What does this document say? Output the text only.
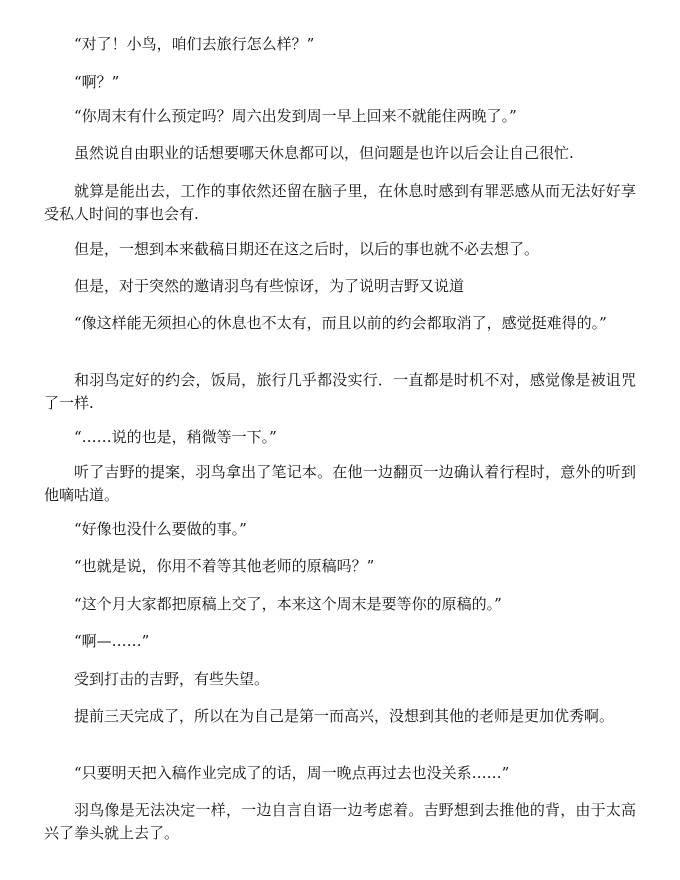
“对了！小鸟，咱们去旅行怎么样？”

“啊？”

“你周末有什么预定吗？周六出发到周一早上回来不就能住两晚了。”

虽然说自由职业的话想要哪天休息都可以，但问题是也许以后会让自己很忙.

就算是能出去，工作的事依然还留在脑子里，在休息时感到有罪恶感从而无法好好享受私人时间的事也会有.

但是，一想到本来截稿日期还在这之后时，以后的事也就不必去想了。

但是，对于突然的邀请羽鸟有些惊讶，为了说明吉野又说道

“像这样能无须担心的休息也不太有，而且以前的约会都取消了，感觉挺难得的。”

和羽鸟定好的约会，饭局，旅行几乎都没实行．一直都是时机不对，感觉像是被诅咒了一样.

“……说的也是，稍微等一下。”

听了吉野的提案，羽鸟拿出了笔记本。在他一边翻页一边确认着行程时，意外的听到他嘀咕道。

“好像也没什么要做的事。”

“也就是说，你用不着等其他老师的原稿吗？”

“这个月大家都把原稿上交了，本来这个周末是要等你的原稿的。”

“啊—……”

受到打击的吉野，有些失望。

提前三天完成了，所以在为自己是第一而高兴，没想到其他的老师是更加优秀啊。

“只要明天把入稿作业完成了的话，周一晚点再过去也没关系……”

羽鸟像是无法决定一样，一边自言自语一边考虑着。吉野想到去推他的背，由于太高兴了拳头就上去了。
